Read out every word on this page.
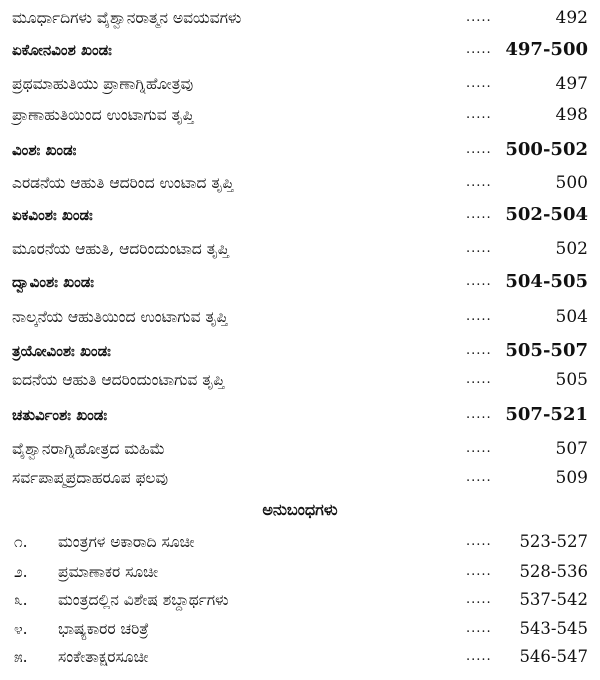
ಮೂರ್ಧಾದಿಗಳು ವೈಶ್ವಾನರಾತ್ಮನ ಅವಯವಗಳು	.....	492
ಏಕೋನವಿಂಶ ಖಂಡಃ	..... 497-500
ಪ್ರಥಮಾಹುತಿಯು ಪ್ರಾಣಾಗ್ನಿಹೋತ್ರವು	.....	497
ಪ್ರಾಣಾಹುತಿಯಿಂದ ಉಂಟಾಗುವ ತೃಪ್ತಿ	.....	498
ವಿಂಶಃ ಖಂಡಃ	..... 500-502
ಎರಡನೆಯ ಆಹುತಿ ಆದರಿಂದ ಉಂಟಾದ ತೃಪ್ತಿ	.....	500
ಏಕವಿಂಶಃ ಖಂಡಃ	..... 502-504
ಮೂರನೆಯ ಆಹುತಿ, ಆದರಿಂದುಂಟಾದ ತೃಪ್ತಿ	.....	502
ದ್ವಾವಿಂಶಃ ಖಂಡಃ	..... 504-505
ನಾಲ್ಕನೆಯ ಆಹುತಿಯಿಂದ ಉಂಟಾಗುವ ತೃಪ್ತಿ	.....	504
ತ್ರಯೋವಿಂಶಃ ಖಂಡಃ	..... 505-507
ಐದನೆಯ ಆಹುತಿ ಆದರಿಂದುಂಟಾಗುವ ತೃಪ್ತಿ	.....	505
ಚತುರ್ವಿಂಶಃ ಖಂಡಃ	..... 507-521
ವೈಶ್ವಾನರಾಗ್ನಿಹೋತ್ರದ ಮಹಿಮೆ	.....	507
ಸರ್ವಪಾಪ್ಮಪ್ರದಾಹರೂಪ ಫಲವು	.....	509
ಅನುಬಂಧಗಳು
೧. ಮಂತ್ರಗಳ ಅಕಾರಾದಿ ಸೂಚೀ	..... 523-527
೨. ಪ್ರಮಾಣಾಕರ ಸೂಚೀ	..... 528-536
೩. ಮಂತ್ರದಲ್ಲಿನ ವಿಶೇಷ ಶಬ್ದಾರ್ಥಗಳು	..... 537-542
೪. ಭಾಷ್ಯಕಾರರ ಚರಿತ್ರೆ	..... 543-545
೫. ಸಂಕೇತಾಕ್ಷರಸೂಚೀ	..... 546-547
